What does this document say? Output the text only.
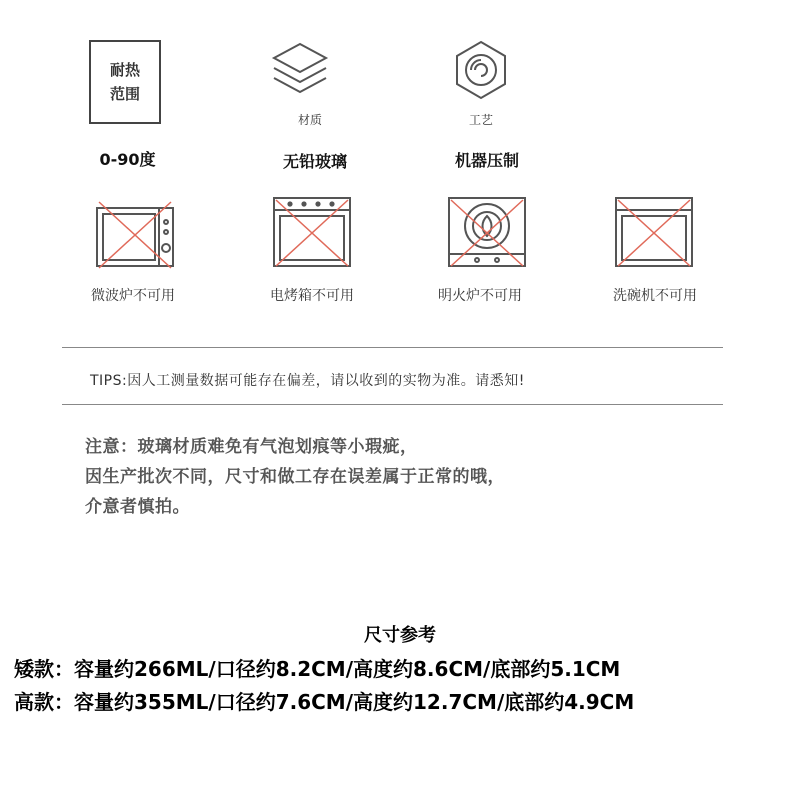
耐热
范围
0-90度
材质
无铅玻璃
工艺
机器压制
微波炉不可用	电烤箱不可用	明火炉不可用	洗碗机不可用
TIPS:因人工测量数据可能存在偏差，请以收到的实物为准。请悉知!
注意：玻璃材质难免有气泡划痕等小瑕疵，
因生产批次不同，尺寸和做工存在误差属于正常的哦，
介意者慎拍。
尺寸参考
矮款：容量约266ML/口径约8.2CM/高度约8.6CM/底部约5.1CM
高款：容量约355ML/口径约7.6CM/高度约12.7CM/底部约4.9CM
